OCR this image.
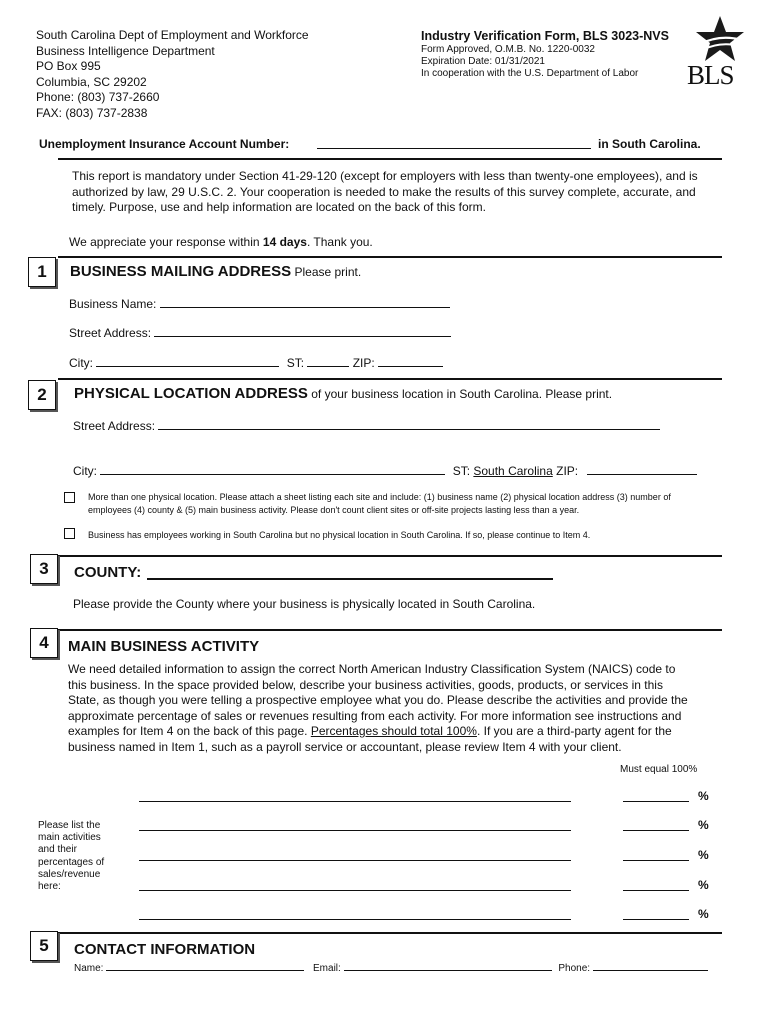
South Carolina Dept of Employment and Workforce
Business Intelligence Department
PO Box 995
Columbia, SC 29202
Phone: (803) 737-2660
FAX: (803) 737-2838
Industry Verification Form, BLS 3023-NVS
Form Approved, O.M.B. No. 1220-0032
Expiration Date: 01/31/2021
In cooperation with the U.S. Department of Labor	BLS
Unemployment Insurance Account Number:	in South Carolina.
This report is mandatory under Section 41-29-120 (except for employers with less than twenty-one employees), and is authorized by law, 29 U.S.C. 2. Your cooperation is needed to make the results of this survey complete, accurate, and timely. Purpose, use and help information are located on the back of this form.
We appreciate your response within 14 days. Thank you.
1	BUSINESS MAILING ADDRESS Please print.
Business Name:
Street Address:
City:	ST:	ZIP:
2	PHYSICAL LOCATION ADDRESS of your business location in South Carolina. Please print.
Street Address:
City:	ST: South Carolina ZIP:
More than one physical location. Please attach a sheet listing each site and include: (1) business name (2) physical location address (3) number of employees (4) county & (5) main business activity. Please don't count client sites or off-site projects lasting less than a year.
Business has employees working in South Carolina but no physical location in South Carolina. If so, please continue to Item 4.
3	COUNTY:
Please provide the County where your business is physically located in South Carolina.
4	MAIN BUSINESS ACTIVITY
We need detailed information to assign the correct North American Industry Classification System (NAICS) code to this business. In the space provided below, describe your business activities, goods, products, or services in this State, as though you were telling a prospective employee what you do. Please describe the activities and provide the approximate percentage of sales or revenues resulting from each activity. For more information see instructions and examples for Item 4 on the back of this page. Percentages should total 100%. If you are a third-party agent for the business named in Item 1, such as a payroll service or accountant, please review Item 4 with your client.
Must equal 100%
Please list the main activities and their percentages of sales/revenue here:
%
%
%
%
%
5	CONTACT INFORMATION
Name:	Email:	Phone:
